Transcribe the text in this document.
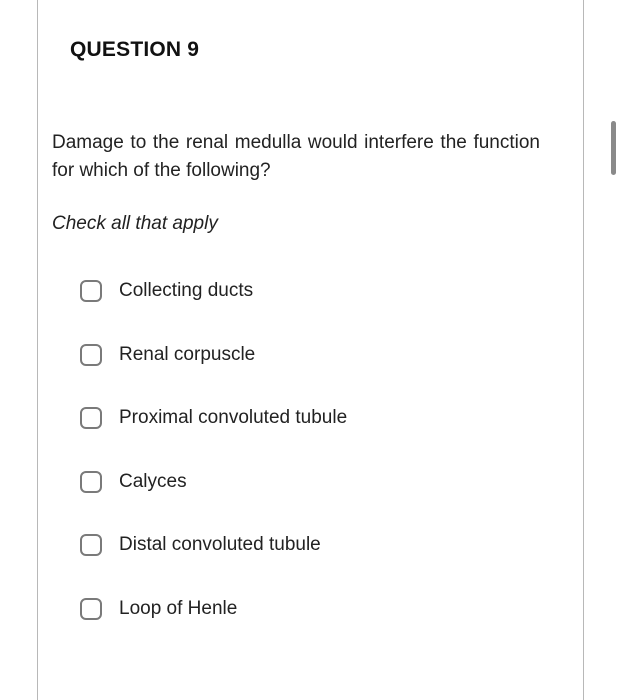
QUESTION 9
Damage to the renal medulla would interfere the function for which of the following?
Check all that apply
Collecting ducts
Renal corpuscle
Proximal convoluted tubule
Calyces
Distal convoluted tubule
Loop of Henle
